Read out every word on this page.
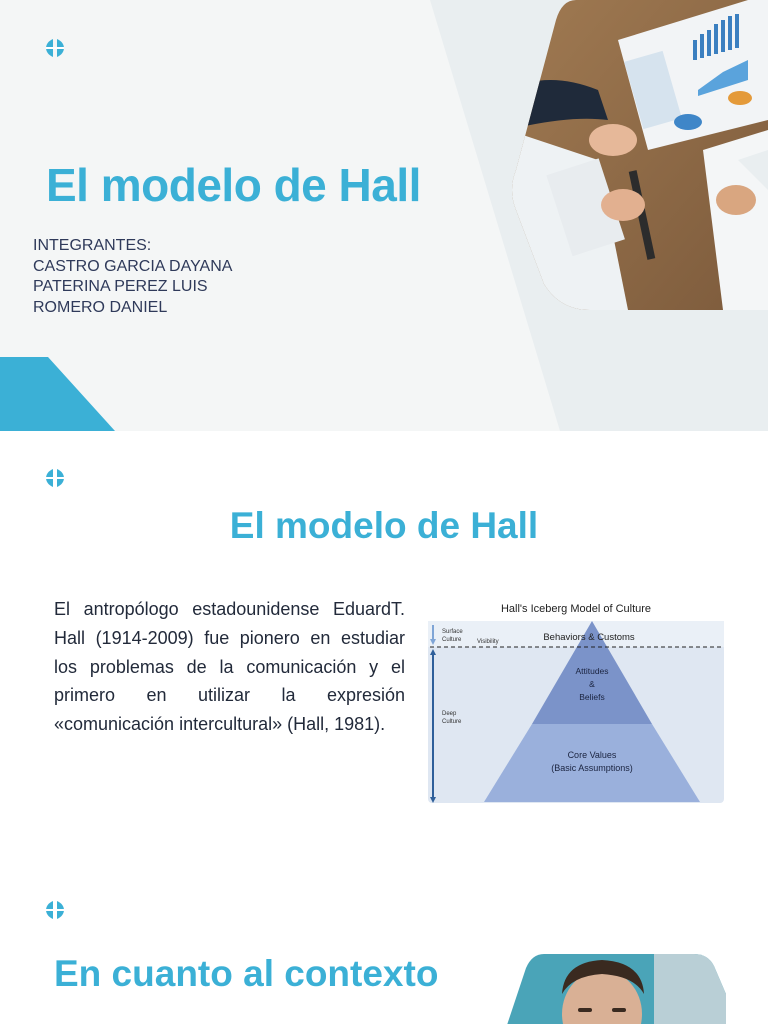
El modelo de Hall
INTEGRANTES:
CASTRO GARCIA DAYANA
PATERINA PEREZ LUIS
ROMERO DANIEL
El modelo de Hall

El antropólogo estadounidense EduardT. Hall (1914-2009) fue pionero en estudiar los problemas de la comunicación y el primero en utilizar la expresión «comunicación intercultural» (Hall, 1981).

Hall's Iceberg Model of Culture
Surface
Culture	Visibility
Deep
Culture
Behaviors & Customs
Attitudes
&
Beliefs
Core Values
(Basic Assumptions)
En cuanto al contexto
